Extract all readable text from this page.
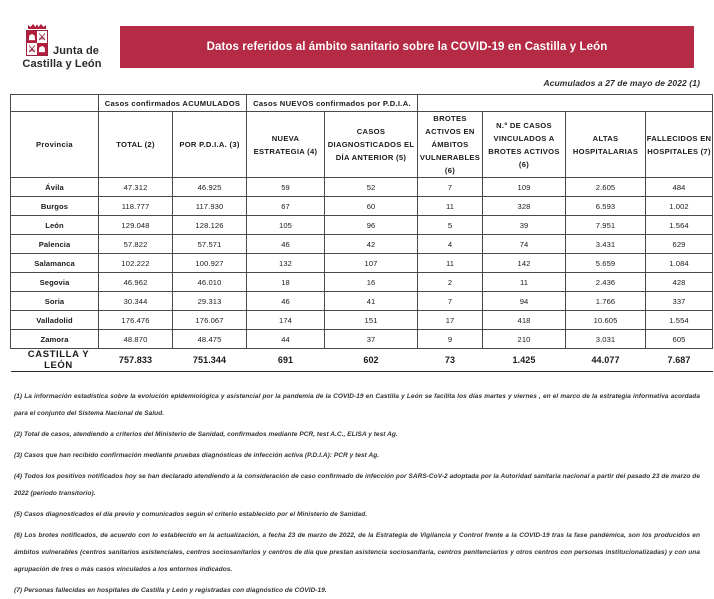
☗ ⚔
⚔ ☗ Junta de
Castilla y León
Datos referidos al ámbito sanitario sobre la COVID-19 en Castilla y León
Acumulados a 27 de mayo de 2022 (1)
	Casos confirmados ACUMULADOS		Casos NUEVOS confirmados por P.D.I.A.					
Provincia	TOTAL (2)	POR P.D.I.A. (3)	NUEVA ESTRATEGIA (4)	CASOS DIAGNOSTICADOS EL DÍA ANTERIOR (5)	BROTES ACTIVOS EN ÁMBITOS VULNERABLES (6)	N.º DE CASOS VINCULADOS A BROTES ACTIVOS (6)	ALTAS HOSPITALARIAS	FALLECIDOS EN HOSPITALES (7)
Ávila	47.312	46.925	59	52	7	109	2.605	484
Burgos	118.777	117.930	67	60	11	328	6.593	1.002
León	129.048	128.126	105	96	5	39	7.951	1.564
Palencia	57.822	57.571	46	42	4	74	3.431	629
Salamanca	102.222	100.927	132	107	11	142	5.659	1.084
Segovia	46.962	46.010	18	16	2	11	2.436	428
Soria	30.344	29.313	46	41	7	94	1.766	337
Valladolid	176.476	176.067	174	151	17	418	10.605	1.554
Zamora	48.870	48.475	44	37	9	210	3.031	605
CASTILLA Y LEÓN	757.833	751.344	691	602	73	1.425	44.077	7.687

(1) La información estadística sobre la evolución epidemiológica y asistencial por la pandemia de la COVID-19 en Castilla y León se facilita los días martes y viernes , en el marco de la estrategia informativa acordada para el conjunto del Sistema Nacional de Salud.

(2) Total de casos, atendiendo a criterios del Ministerio de Sanidad, confirmados mediante PCR, test A.C., ELISA y test Ag.

(3) Casos que han recibido confirmación mediante pruebas diagnósticas de infección activa (P.D.I.A): PCR y test Ag.

(4) Todos los positivos notificados hoy se han declarado atendiendo a la consideración de caso confirmado de infección por SARS-CoV-2 adoptada por la Autoridad sanitaria nacional a partir del pasado 23 de marzo de 2022 (periodo transitorio).

(5) Casos diagnosticados el día previo y comunicados según el criterio establecido por el Ministerio de Sanidad.

(6) Los brotes notificados, de acuerdo con lo establecido en la actualización, a fecha 23 de marzo de 2022, de la Estrategia de Vigilancia y Control frente a la COVID-19 tras la fase pandémica, son los producidos en ámbitos vulnerables (centros sanitarios asistenciales, centros sociosanitarios y centros de día que prestan asistencia sociosanitaria, centros penitenciarios y otros centros con personas institucionalizadas) y con una agrupación de tres o más casos vinculados a los entornos indicados.

(7) Personas fallecidas en hospitales de Castilla y León y registradas con diagnóstico de COVID-19.
